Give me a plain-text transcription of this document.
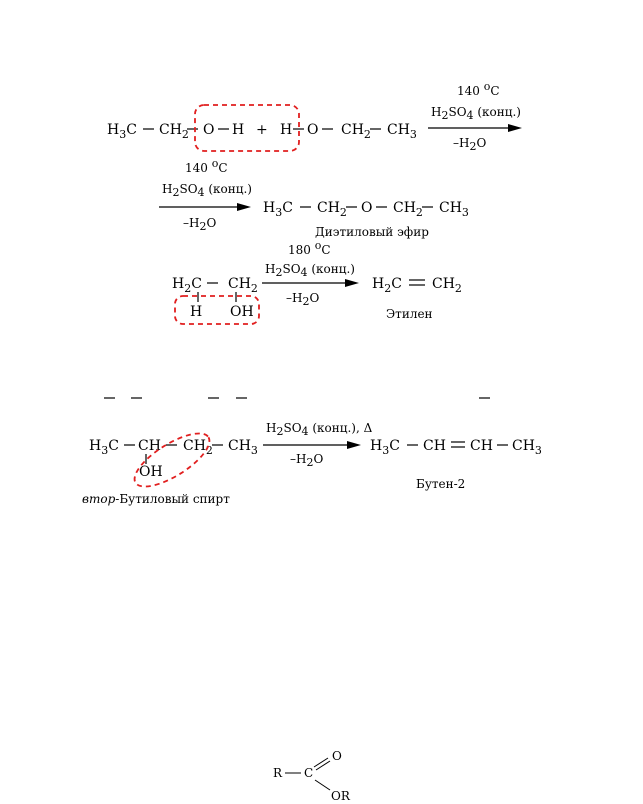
$H_3C$ $CH_2$ O H + H O $CH_2$ $CH_3$
140 oC
H2SO4 (конц.)
–H2O
140 oC
H2SO4 (конц.)
–H2O
$H_3C$ $CH_2$ O $CH_2$ $CH_3$
Диэтиловый эфир
$H_2C$ $CH_2$
H OH
180 oC
H2SO4 (конц.)
–H2O
$H_2C$ $CH_2$
Этилен
$H_3C$ CH $CH_2$ $CH_3$
OH
втор-Бутиловый спирт
H2SO4 (конц.), Δ
–H2O
$H_3C$ CH CH $CH_3$
Бутен-2
R C
O
OR
